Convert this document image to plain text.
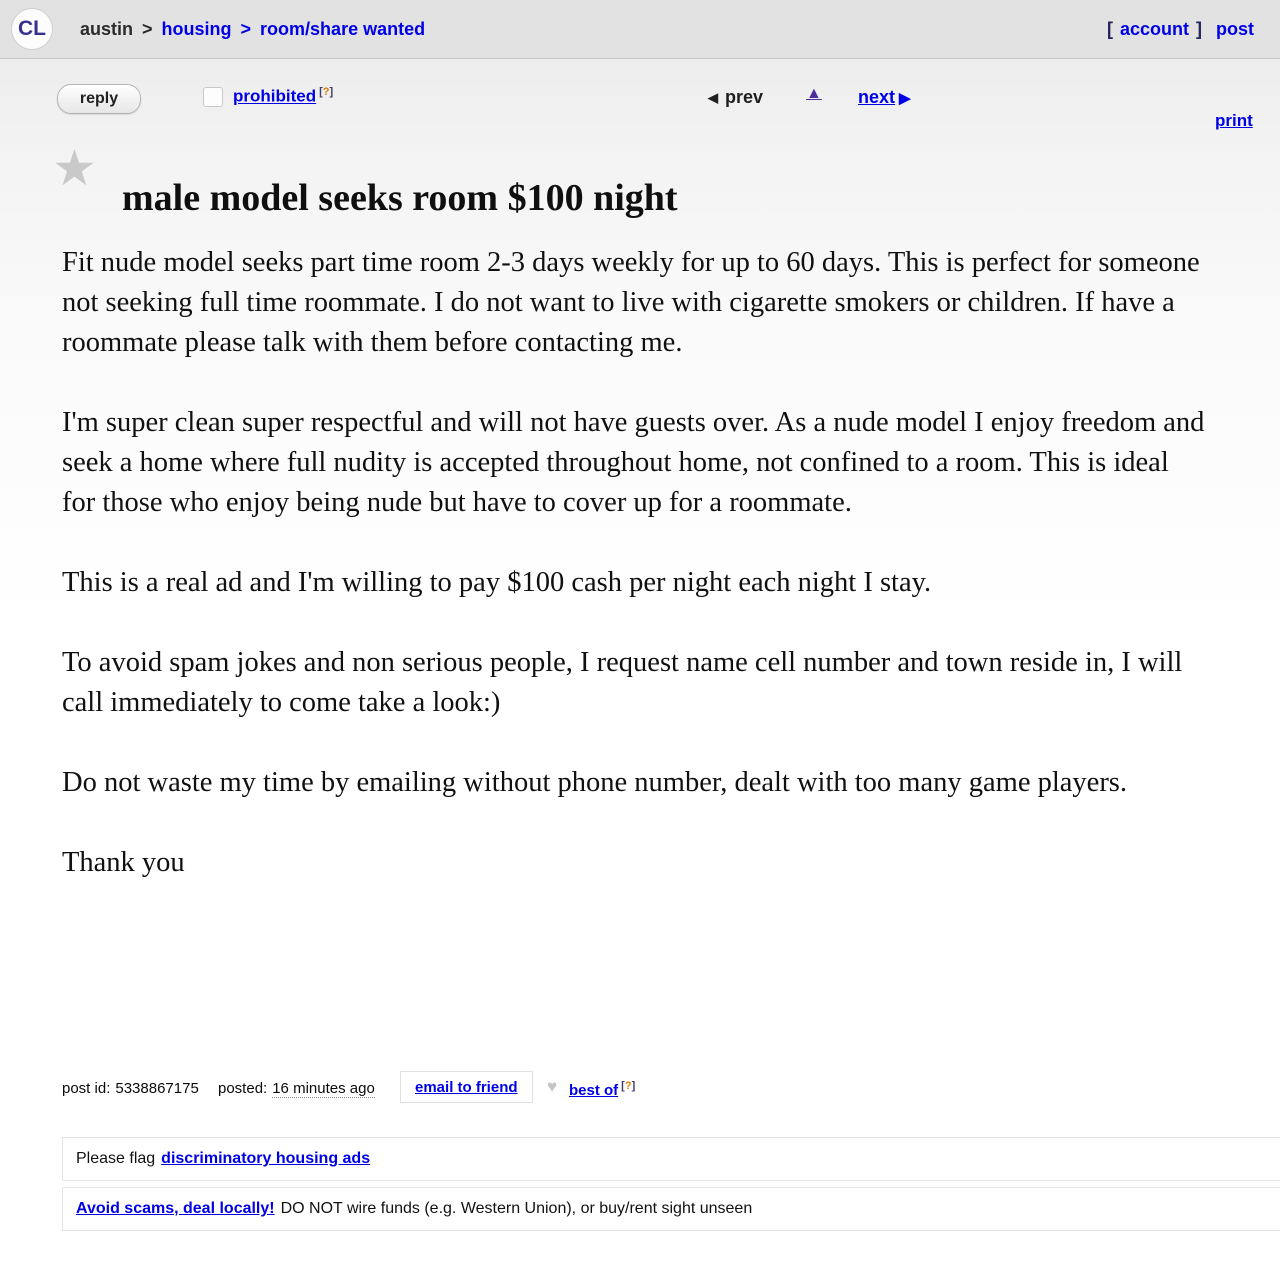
CL	austin > housing > room/share wanted	[ account ] post
reply	prohibited [?]	◀ prev	▲ next ▶
print
★
male model seeks room $100 night

Fit nude model seeks part time room 2-3 days weekly for up to 60 days. This is perfect for someone not seeking full time roommate. I do not want to live with cigarette smokers or children. If have a roommate please talk with them before contacting me.

I'm super clean super respectful and will not have guests over. As a nude model I enjoy freedom and seek a home where full nudity is accepted throughout home, not confined to a room. This is ideal for those who enjoy being nude but have to cover up for a roommate.

This is a real ad and I'm willing to pay $100 cash per night each night I stay.

To avoid spam jokes and non serious people, I request name cell number and town reside in, I will call immediately to come take a look:)

Do not waste my time by emailing without phone number, dealt with too many game players.

Thank you

post id: 5338867175 posted: 16 minutes ago	email to friend ♥ best of [?]
Please flag discriminatory housing ads
Avoid scams, deal locally! DO NOT wire funds (e.g. Western Union), or buy/rent sight unseen
